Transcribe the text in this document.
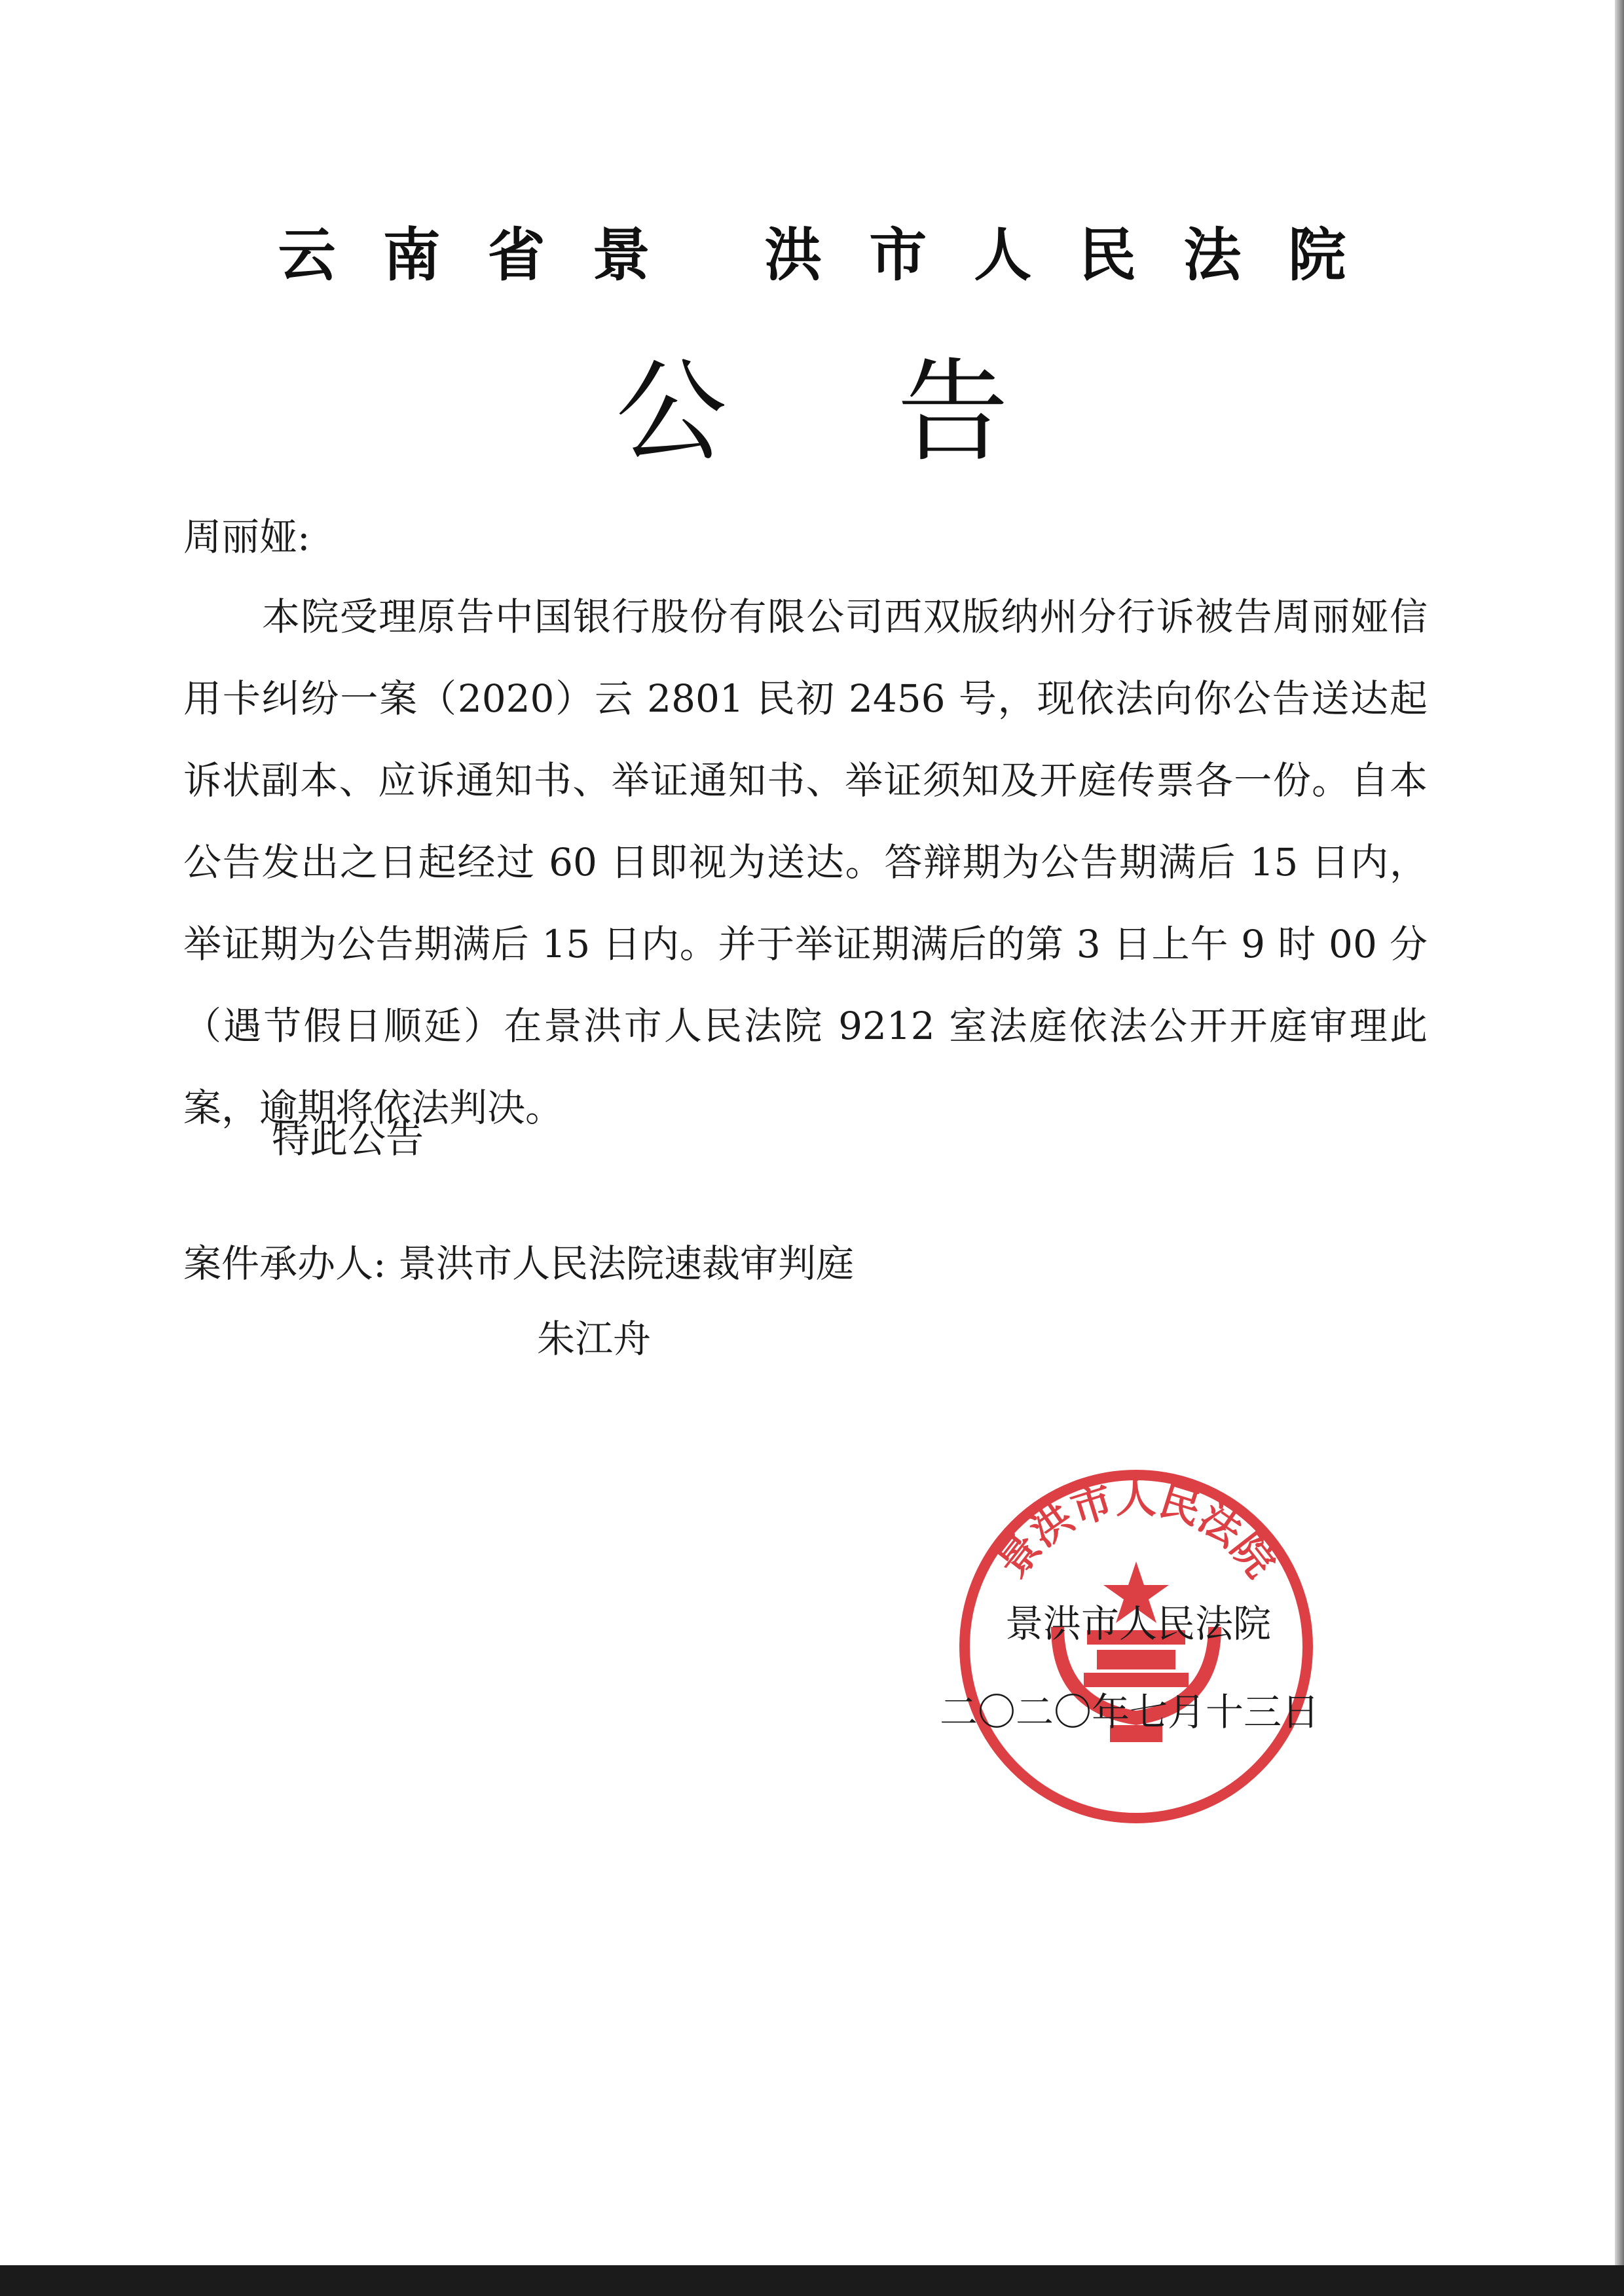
云南省景 洪市人民法院
公告
周丽娅:

本院受理原告中国银行股份有限公司西双版纳州分行诉被告周丽娅信用卡纠纷一案（2020）云 2801 民初 2456 号，现依法向你公告送达起诉状副本、应诉通知书、举证通知书、举证须知及开庭传票各一份。自本公告发出之日起经过 60 日即视为送达。答辩期为公告期满后 15 日内，举证期为公告期满后 15 日内。并于举证期满后的第 3 日上午 9 时 00 分（遇节假日顺延）在景洪市人民法院 9212 室法庭依法公开开庭审理此案，逾期将依法判决。

特此公告
案件承办人: 景洪市人民法院速裁审判庭
朱江舟
景洪市人民法院
景洪市人民法院
二〇二〇年七月十三日
